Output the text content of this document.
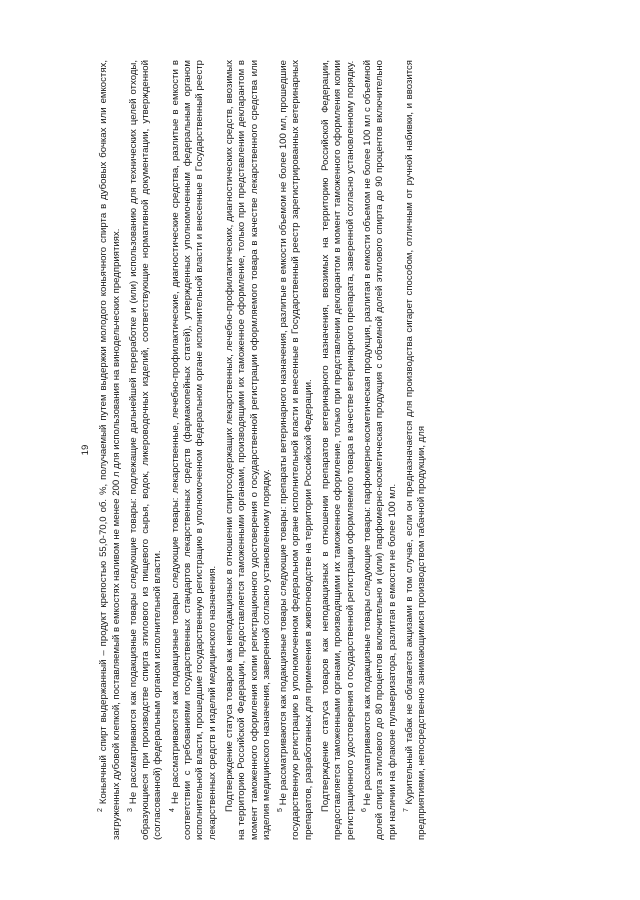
19

$^2$ Коньячный спирт выдержанный – продукт крепостью 55,0-70,0 об. %, получаемый путем выдержки молодого коньячного спирта в дубовых бочках или емкостях, загруженных дубовой клепкой, поставляемый в емкостях наливом не менее 200 л для использования на винодельческих предприятиях. $^3$ Не рассматриваются как подакцизные товары следующие товары: подлежащие дальнейшей переработке и (или) использованию для технических целей отходы, образующиеся при производстве спирта этилового из пищевого сырья, водок, ликероводочных изделий, соответствующие нормативной документации, утвержденной (согласованной) федеральным органом исполнительной власти. $^4$ Не рассматриваются как подакцизные товары следующие товары: лекарственные, лечебно-профилактические, диагностические средства, разлитые в емкости в соответствии с требованиями государственных стандартов лекарственных средств (фармакопейных статей), утвержденных уполномоченным федеральным органом исполнительной власти, прошедшие государственную регистрацию в уполномоченном федеральном органе исполнительной власти и внесенные в Государственный реестр лекарственных средств и изделий медицинского назначения. Подтверждение статуса товаров как неподакцизных в отношении спиртосодержащих лекарственных, лечебно-профилактических, диагностических средств, ввозимых на территорию Российской Федерации, предоставляется таможенными органами, производящими их таможенное оформление, только при представлении декларантом в момент таможенного оформления копии регистрационного удостоверения о государственной регистрации оформляемого товара в качестве лекарственного средства или изделия медицинского назначения, заверенной согласно установленному порядку. $^5$ Не рассматриваются как подакцизные товары следующие товары: препараты ветеринарного назначения, разлитые в емкости объемом не более 100 мл, прошедшие государственную регистрацию в уполномоченном федеральном органе исполнительной власти и внесенные в Государственный реестр зарегистрированных ветеринарных препаратов, разработанных для применения в животноводстве на территории Российской Федерации. Подтверждение статуса товаров как неподакцизных в отношении препаратов ветеринарного назначения, ввозимых на территорию Российской Федерации, предоставляется таможенными органами, производящими их таможенное оформление, только при представлении декларантом в момент таможенного оформления копии регистрационного удостоверения о государственной регистрации оформляемого товара в качестве ветеринарного препарата, заверенной согласно установленному порядку. $^6$ Не рассматриваются как подакцизные товары следующие товары: парфюмерно-косметическая продукция, разлитая в емкости объемом не более 100 мл с объемной долей спирта этилового до 80 процентов включительно и (или) парфюмерно-косметическая продукция с объемной долей этилового спирта до 90 процентов включительно при наличии на флаконе пульверизатора, разлитая в емкости не более 100 мл. $^7$ Курительный табак не облагается акцизами в том случае, если он предназначается для производства сигарет способом, отличным от ручной набивки, и ввозится предприятиями, непосредственно занимающимися производством табачной продукции, для
